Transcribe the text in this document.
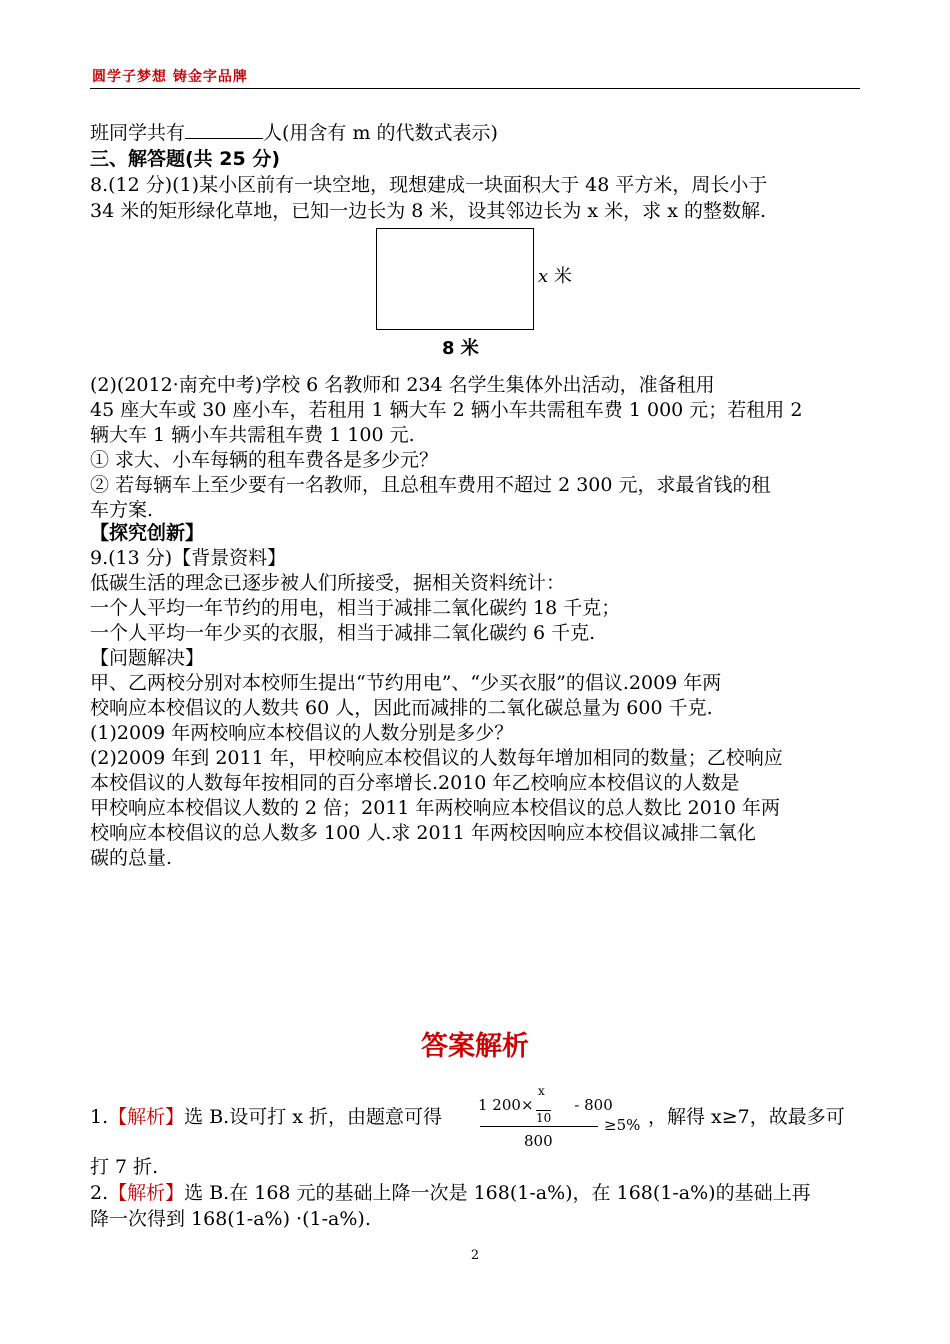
圆学子梦想 铸金字品牌
班同学共有	人(用含有 m 的代数式表示)
三、解答题(共 25 分)
8.(12 分)(1)某小区前有一块空地，现想建成一块面积大于 48 平方米，周长小于
34 米的矩形绿化草地，已知一边长为 8 米，设其邻边长为 x 米，求 x 的整数解.
x 米
8 米
(2)(2012·南充中考)学校 6 名教师和 234 名学生集体外出活动，准备租用
45 座大车或 30 座小车，若租用 1 辆大车 2 辆小车共需租车费 1 000 元；若租用 2
辆大车 1 辆小车共需租车费 1 100 元.
① 求大、小车每辆的租车费各是多少元？
② 若每辆车上至少要有一名教师，且总租车费用不超过 2 300 元，求最省钱的租
车方案.
【探究创新】
9.(13 分)【背景资料】
低碳生活的理念已逐步被人们所接受，据相关资料统计：
一个人平均一年节约的用电，相当于减排二氧化碳约 18 千克；
一个人平均一年少买的衣服，相当于减排二氧化碳约 6 千克.
【问题解决】
甲、乙两校分别对本校师生提出“节约用电”、“少买衣服”的倡议.2009 年两
校响应本校倡议的人数共 60 人，因此而减排的二氧化碳总量为 600 千克.
(1)2009 年两校响应本校倡议的人数分别是多少？
(2)2009 年到 2011 年，甲校响应本校倡议的人数每年增加相同的数量；乙校响应
本校倡议的人数每年按相同的百分率增长.2010 年乙校响应本校倡议的人数是
甲校响应本校倡议人数的 2 倍；2011 年两校响应本校倡议的总人数比 2010 年两
校响应本校倡议的总人数多 100 人.求 2011 年两校因响应本校倡议减排二氧化
碳的总量.
答案解析
1.【解析】选 B.设可打 x 折，由题意可得
1 200× - 800
x
10
800
≥5% ，解得 x≥7，故最多可
打 7 折.
2.【解析】选 B.在 168 元的基础上降一次是 168(1-a%)，在 168(1-a%)的基础上再
降一次得到 168(1-a%) ·(1-a%).
2
